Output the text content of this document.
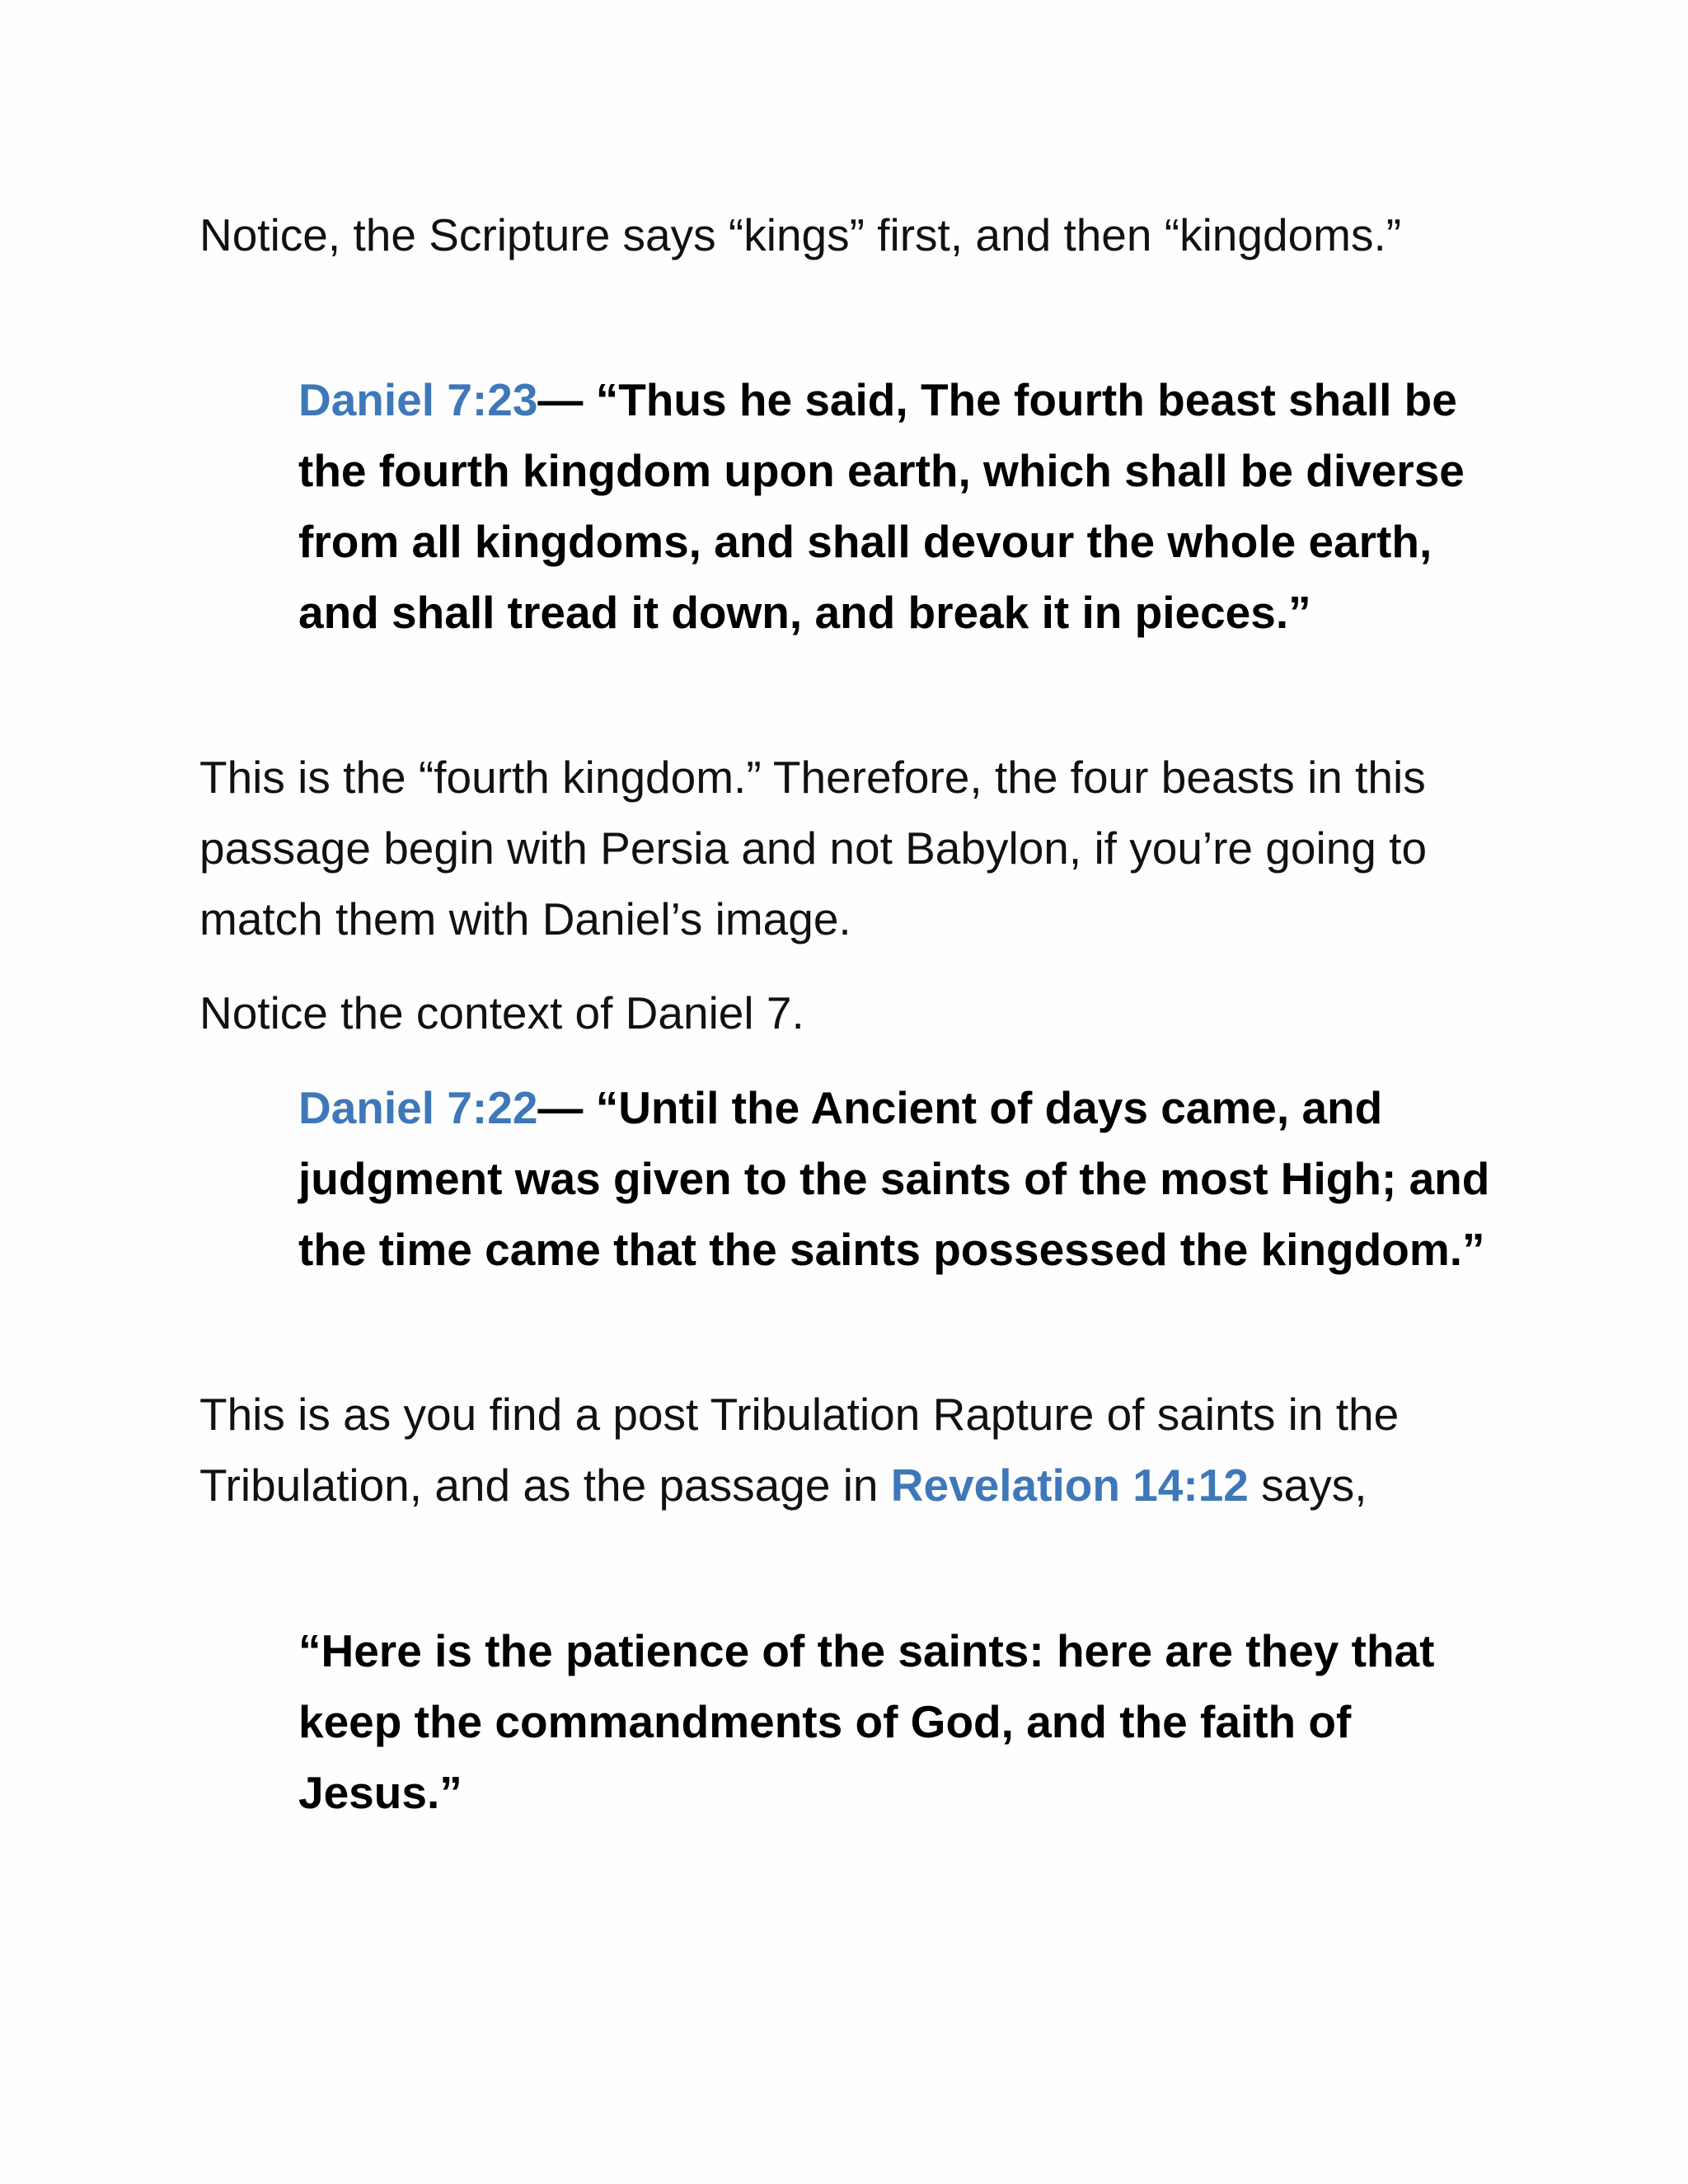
Notice, the Scripture says “kings” first, and then “kingdoms.”

Daniel 7:23— “Thus he said, The fourth beast shall be the fourth kingdom upon earth, which shall be diverse from all kingdoms, and shall devour the whole earth, and shall tread it down, and break it in pieces.”

This is the “fourth kingdom.” Therefore, the four beasts in this passage begin with Persia and not Babylon, if you’re going to match them with Daniel’s image.

Notice the context of Daniel 7.

Daniel 7:22— “Until the Ancient of days came, and judgment was given to the saints of the most High; and the time came that the saints possessed the kingdom.”

This is as you find a post Tribulation Rapture of saints in the Tribulation, and as the passage in Revelation 14:12 says,

“Here is the patience of the saints: here are they that keep the commandments of God, and the faith of Jesus.”
